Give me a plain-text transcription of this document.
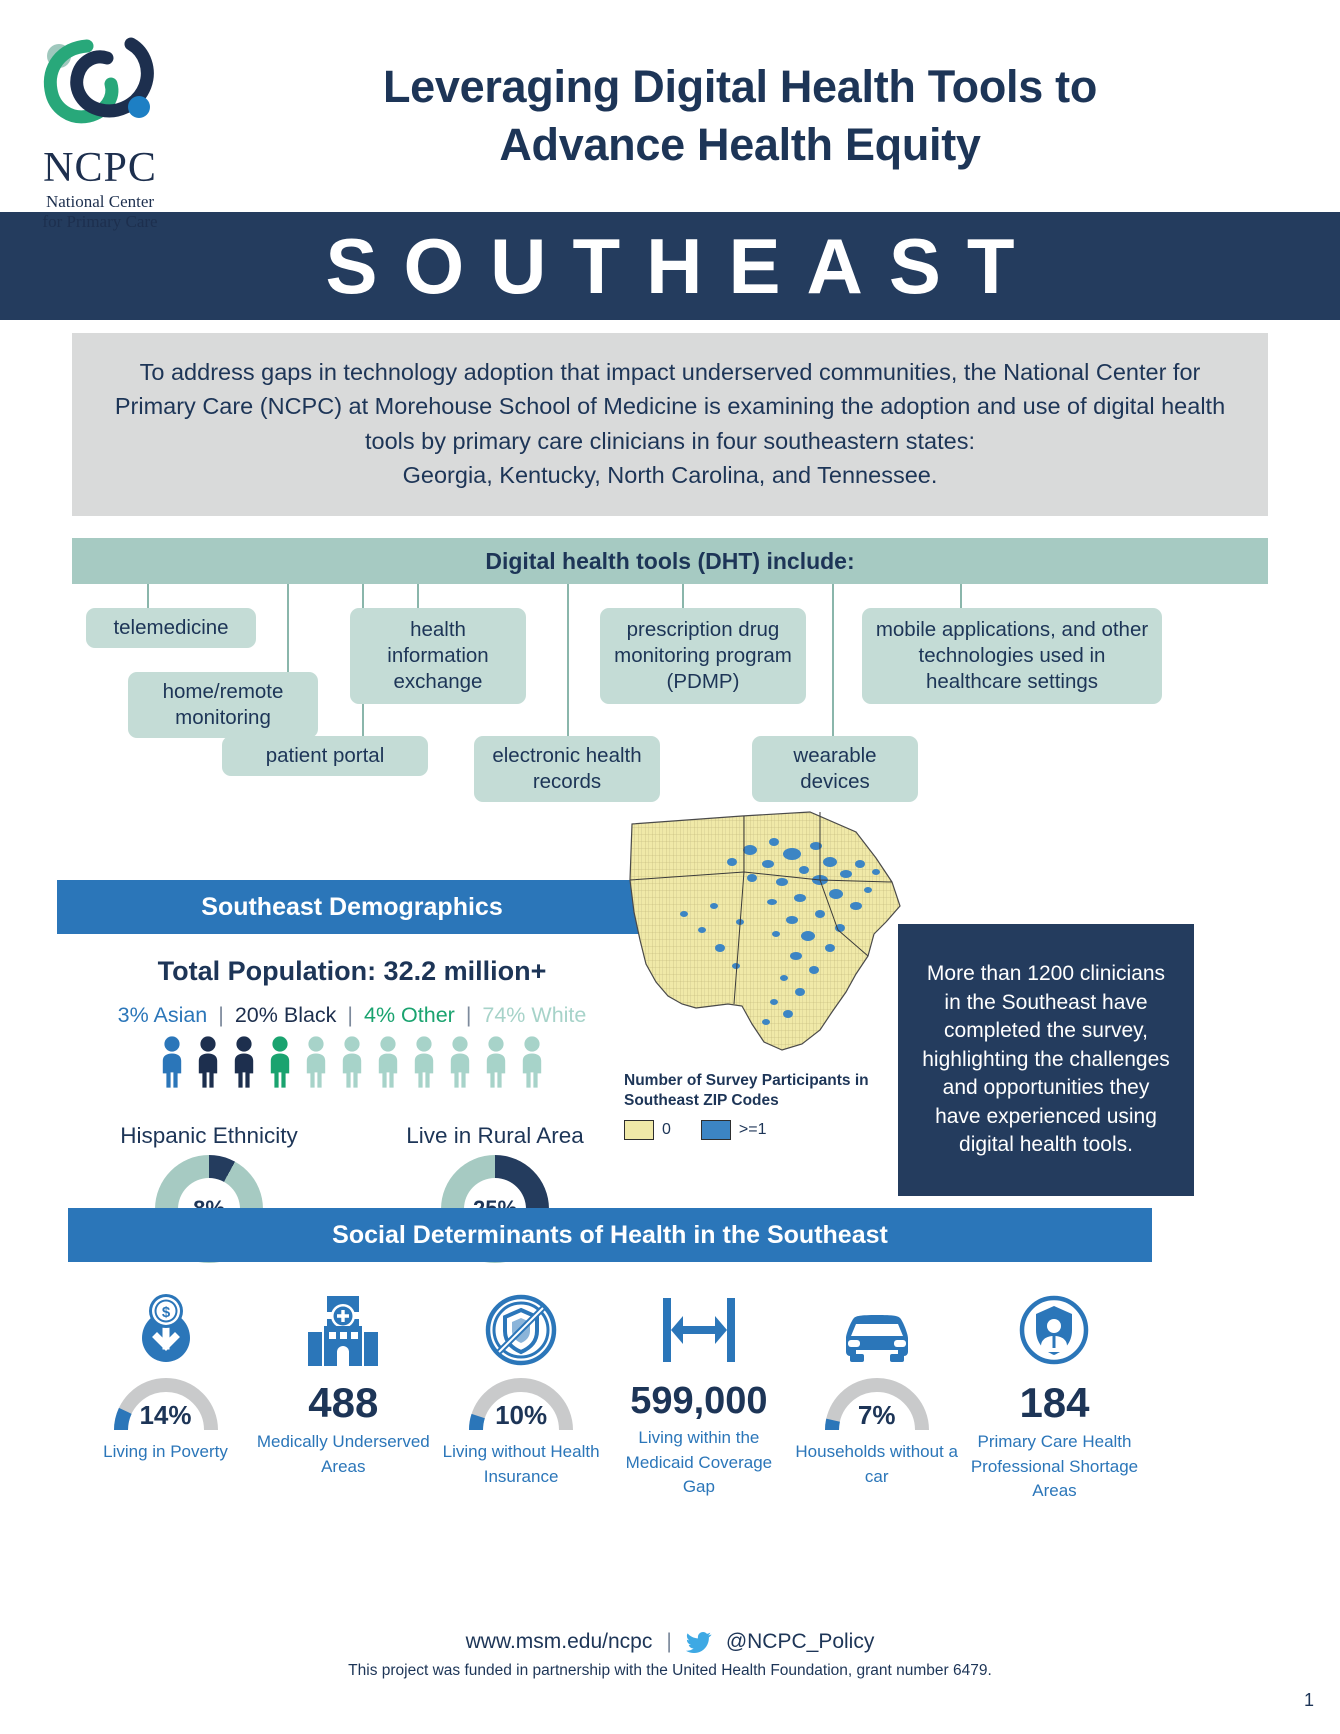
NCPC
National Center
for Primary Care
Leveraging Digital Health Tools to
Advance Health Equity
SOUTHEAST
To address gaps in technology adoption that impact underserved communities, the National Center for Primary Care (NCPC) at Morehouse School of Medicine is examining the adoption and use of digital health tools by primary care clinicians in four southeastern states:
Georgia, Kentucky, North Carolina, and Tennessee.
Digital health tools (DHT) include:
telemedicine
home/remote monitoring
patient portal
health information exchange
electronic health records
prescription drug monitoring program (PDMP)
wearable devices
mobile applications, and other technologies used in healthcare settings
Southeast Demographics
Total Population: 32.2 million+
3% Asian | 20% Black | 4% Other | 74% White
Hispanic Ethnicity	Live in Rural Area
Number of Survey Participants in
Southeast ZIP Codes
0	>=1
More than 1200 clinicians in the Southeast have completed the survey, highlighting the challenges and opportunities they have experienced using digital health tools.
Social Determinants of Health in the Southeast
$
14%
Living in Poverty
488
Medically Underserved Areas
10%
Living without Health Insurance
599,000
Living within the Medicaid Coverage Gap
7%
Households without a car
184
Primary Care Health Professional Shortage Areas
www.msm.edu/ncpc |	@NCPC_Policy
This project was funded in partnership with the United Health Foundation, grant number 6479.
1
